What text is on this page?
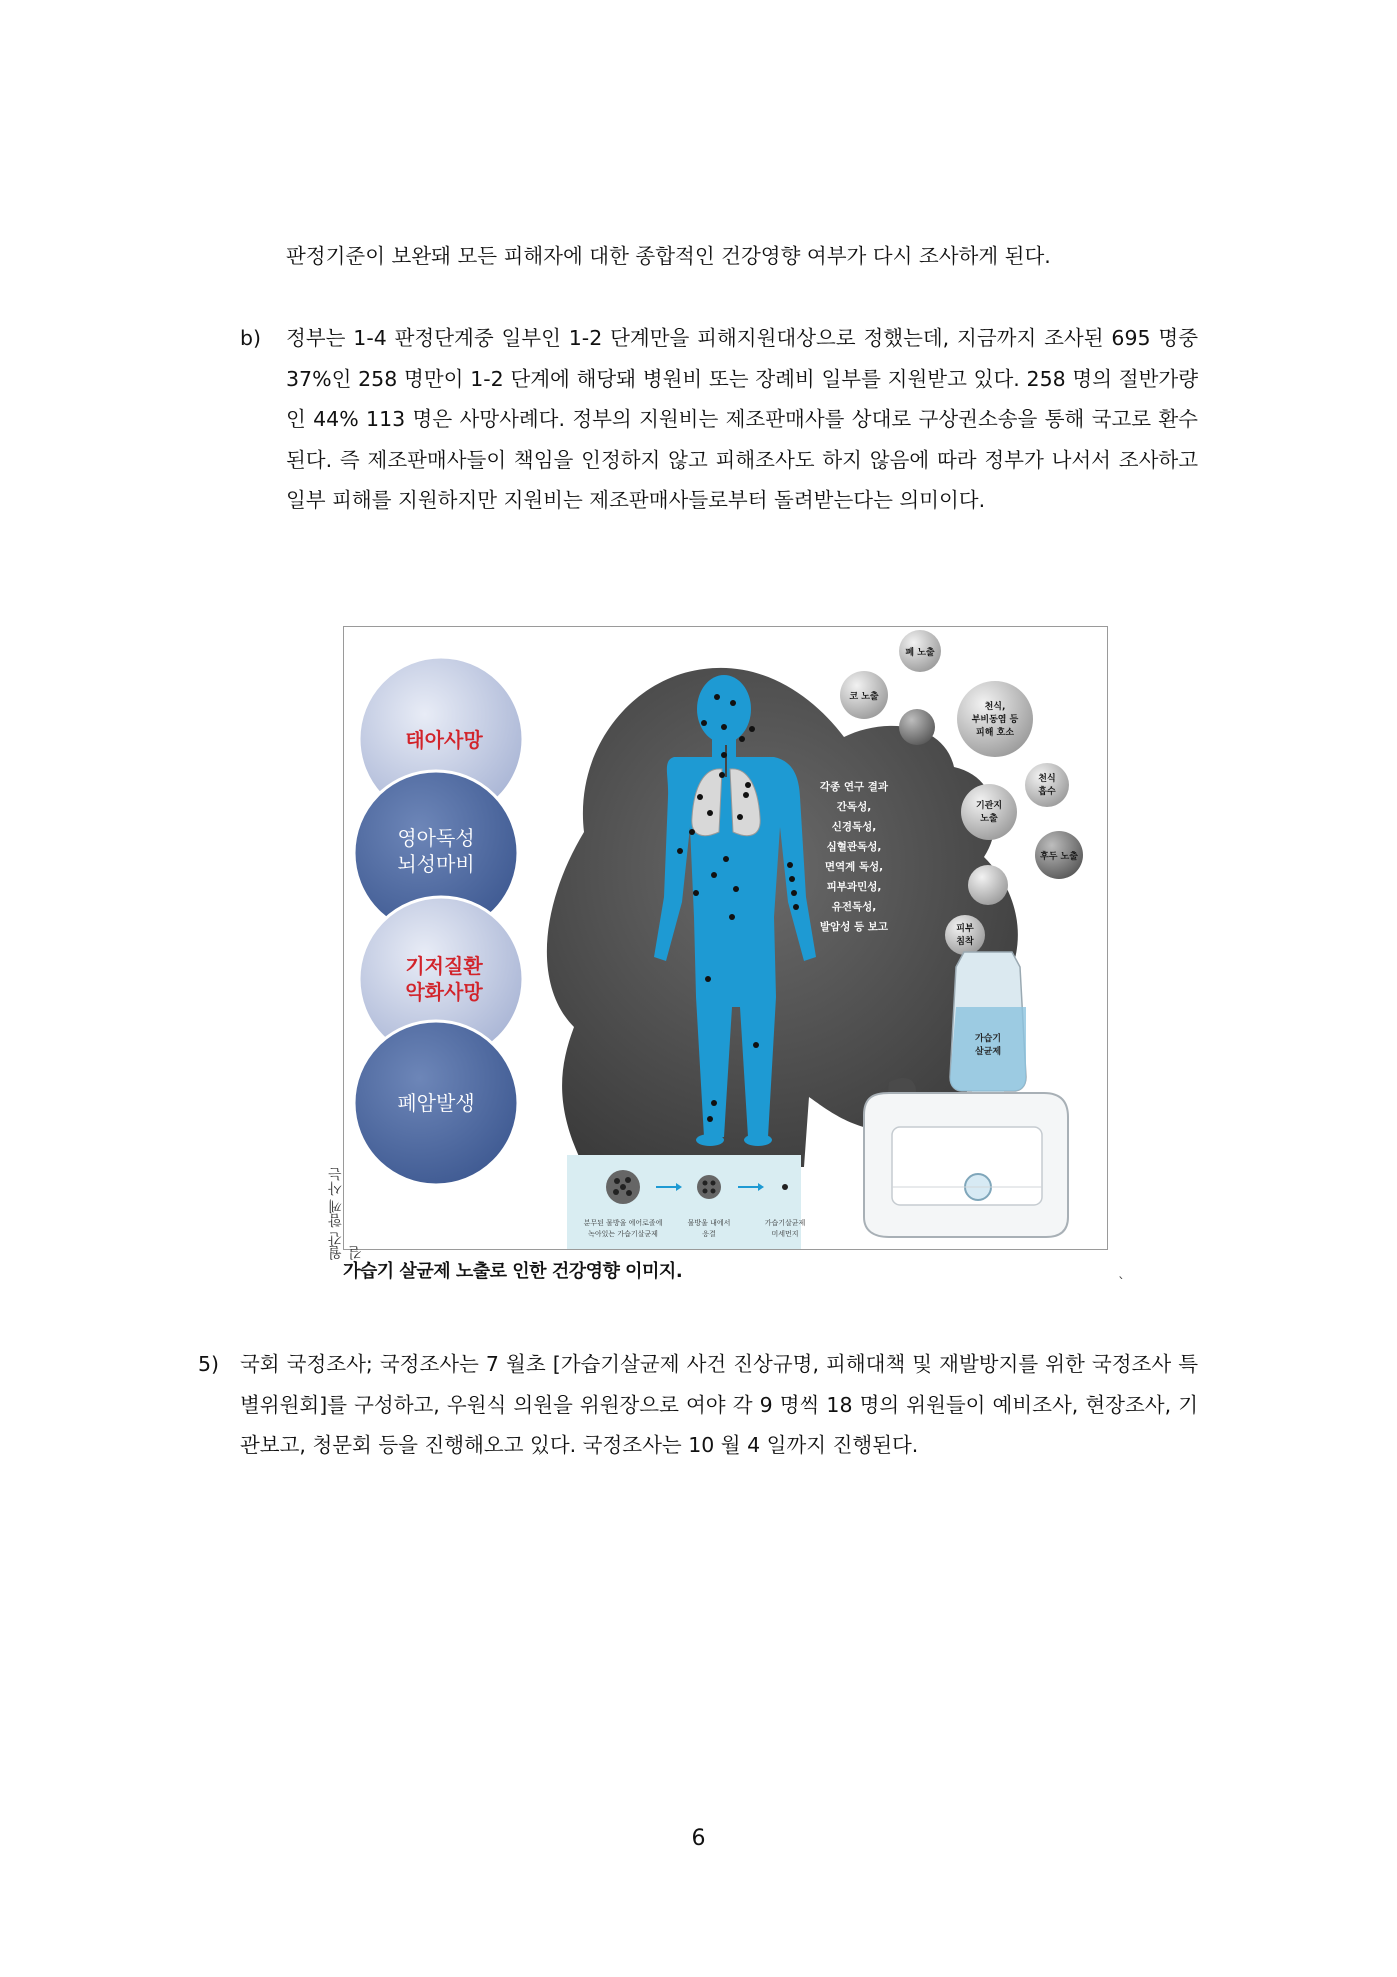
판정기준이 보완돼 모든 피해자에 대한 종합적인 건강영향 여부가 다시 조사하게 된다.

b) 정부는 1-4 판정단계중 일부인 1-2 단계만을 피해지원대상으로 정했는데, 지금까지 조사된 695 명중 37%인 258 명만이 1-2 단계에 해당돼 병원비 또는 장례비 일부를 지원받고 있다. 258 명의 절반가량인 44% 113 명은 사망사례다. 정부의 지원비는 제조판매사를 상대로 구상권소송을 통해 국고로 환수된다. 즉 제조판매사들이 책임을 인정하지 않고 피해조사도 하지 않음에 따라 정부가 나서서 조사하고 일부 피해를 지원하지만 지원비는 제조판매사들로부터 돌려받는다는 의미이다.

태아사망
영아독성
뇌성마비
기저질환
악화사망
폐암발생
각종 연구 결과
간독성,
신경독성,
심혈관독성,
면역계 독성,
피부과민성,
유전독성,
발암성 등 보고
폐 노출
코 노출
천식,
부비동염 등
피해 호소
천식
흡수
기관지
노출
후두 노출
피부
침착
가습기
살균제
분무된 물방울 에어로졸에
녹아있는 가습기살균제
물방울 내에서
응결
가습기살균제
미세먼지
월간 함께 사는 길
가습기 살균제 노출로 인한 건강영향 이미지.
`
5) 국회 국정조사; 국정조사는 7 월초 [가습기살균제 사건 진상규명, 피해대책 및 재발방지를 위한 국정조사 특별위원회]를 구성하고, 우원식 의원을 위원장으로 여야 각 9 명씩 18 명의 위원들이 예비조사, 현장조사, 기관보고, 청문회 등을 진행해오고 있다. 국정조사는 10 월 4 일까지 진행된다.

6
